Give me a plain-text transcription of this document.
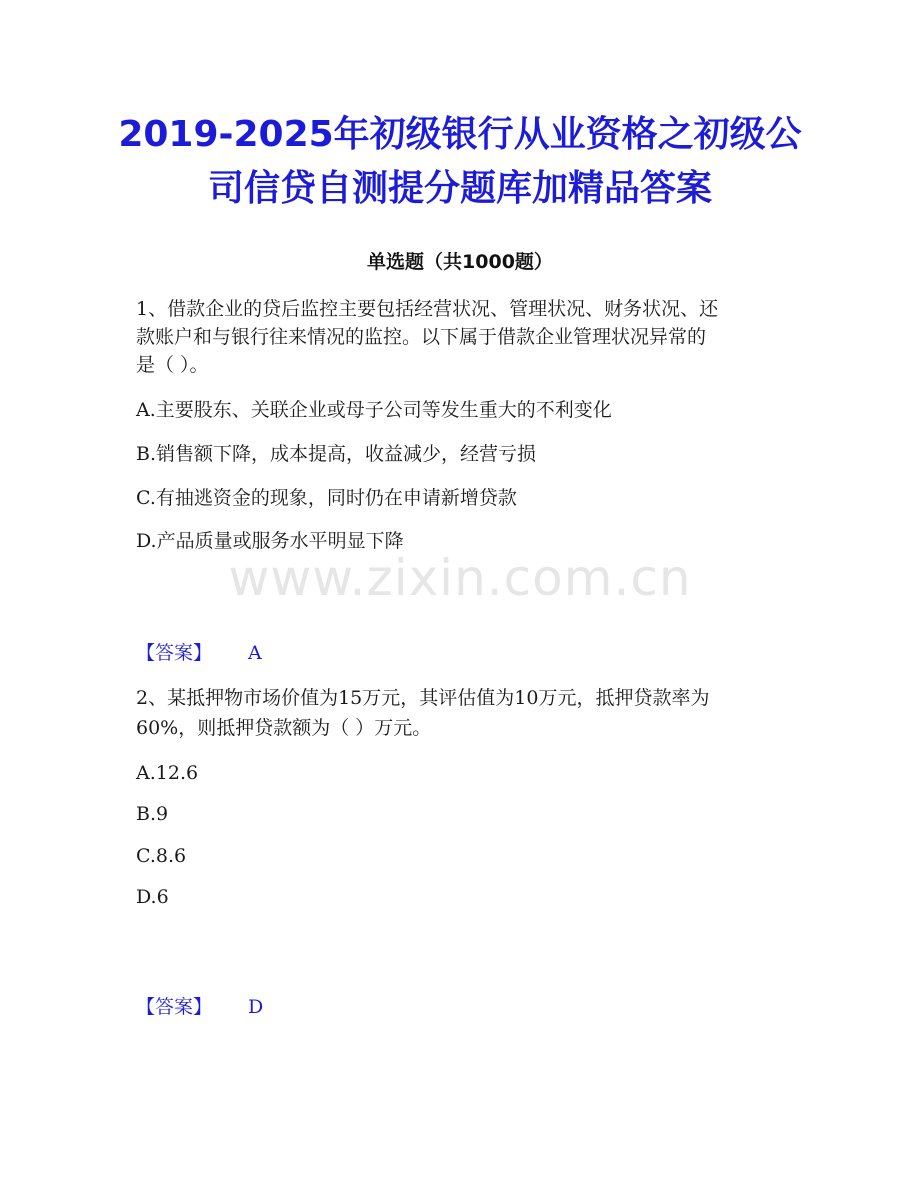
www.zixin.com.cn
2019-2025年初级银行从业资格之初级公
司信贷自测提分题库加精品答案
单选题（共1000题）
1、借款企业的贷后监控主要包括经营状况、管理状况、财务状况、还
款账户和与银行往来情况的监控。以下属于借款企业管理状况异常的
是（ ）。
A.主要股东、关联企业或母子公司等发生重大的不利变化
B.销售额下降，成本提高，收益减少，经营亏损
C.有抽逃资金的现象，同时仍在申请新增贷款
D.产品质量或服务水平明显下降
【答案】 A
2、某抵押物市场价值为15万元，其评估值为10万元，抵押贷款率为
60%，则抵押贷款额为（ ）万元。
A.12.6
B.9
C.8.6
D.6
【答案】 D
